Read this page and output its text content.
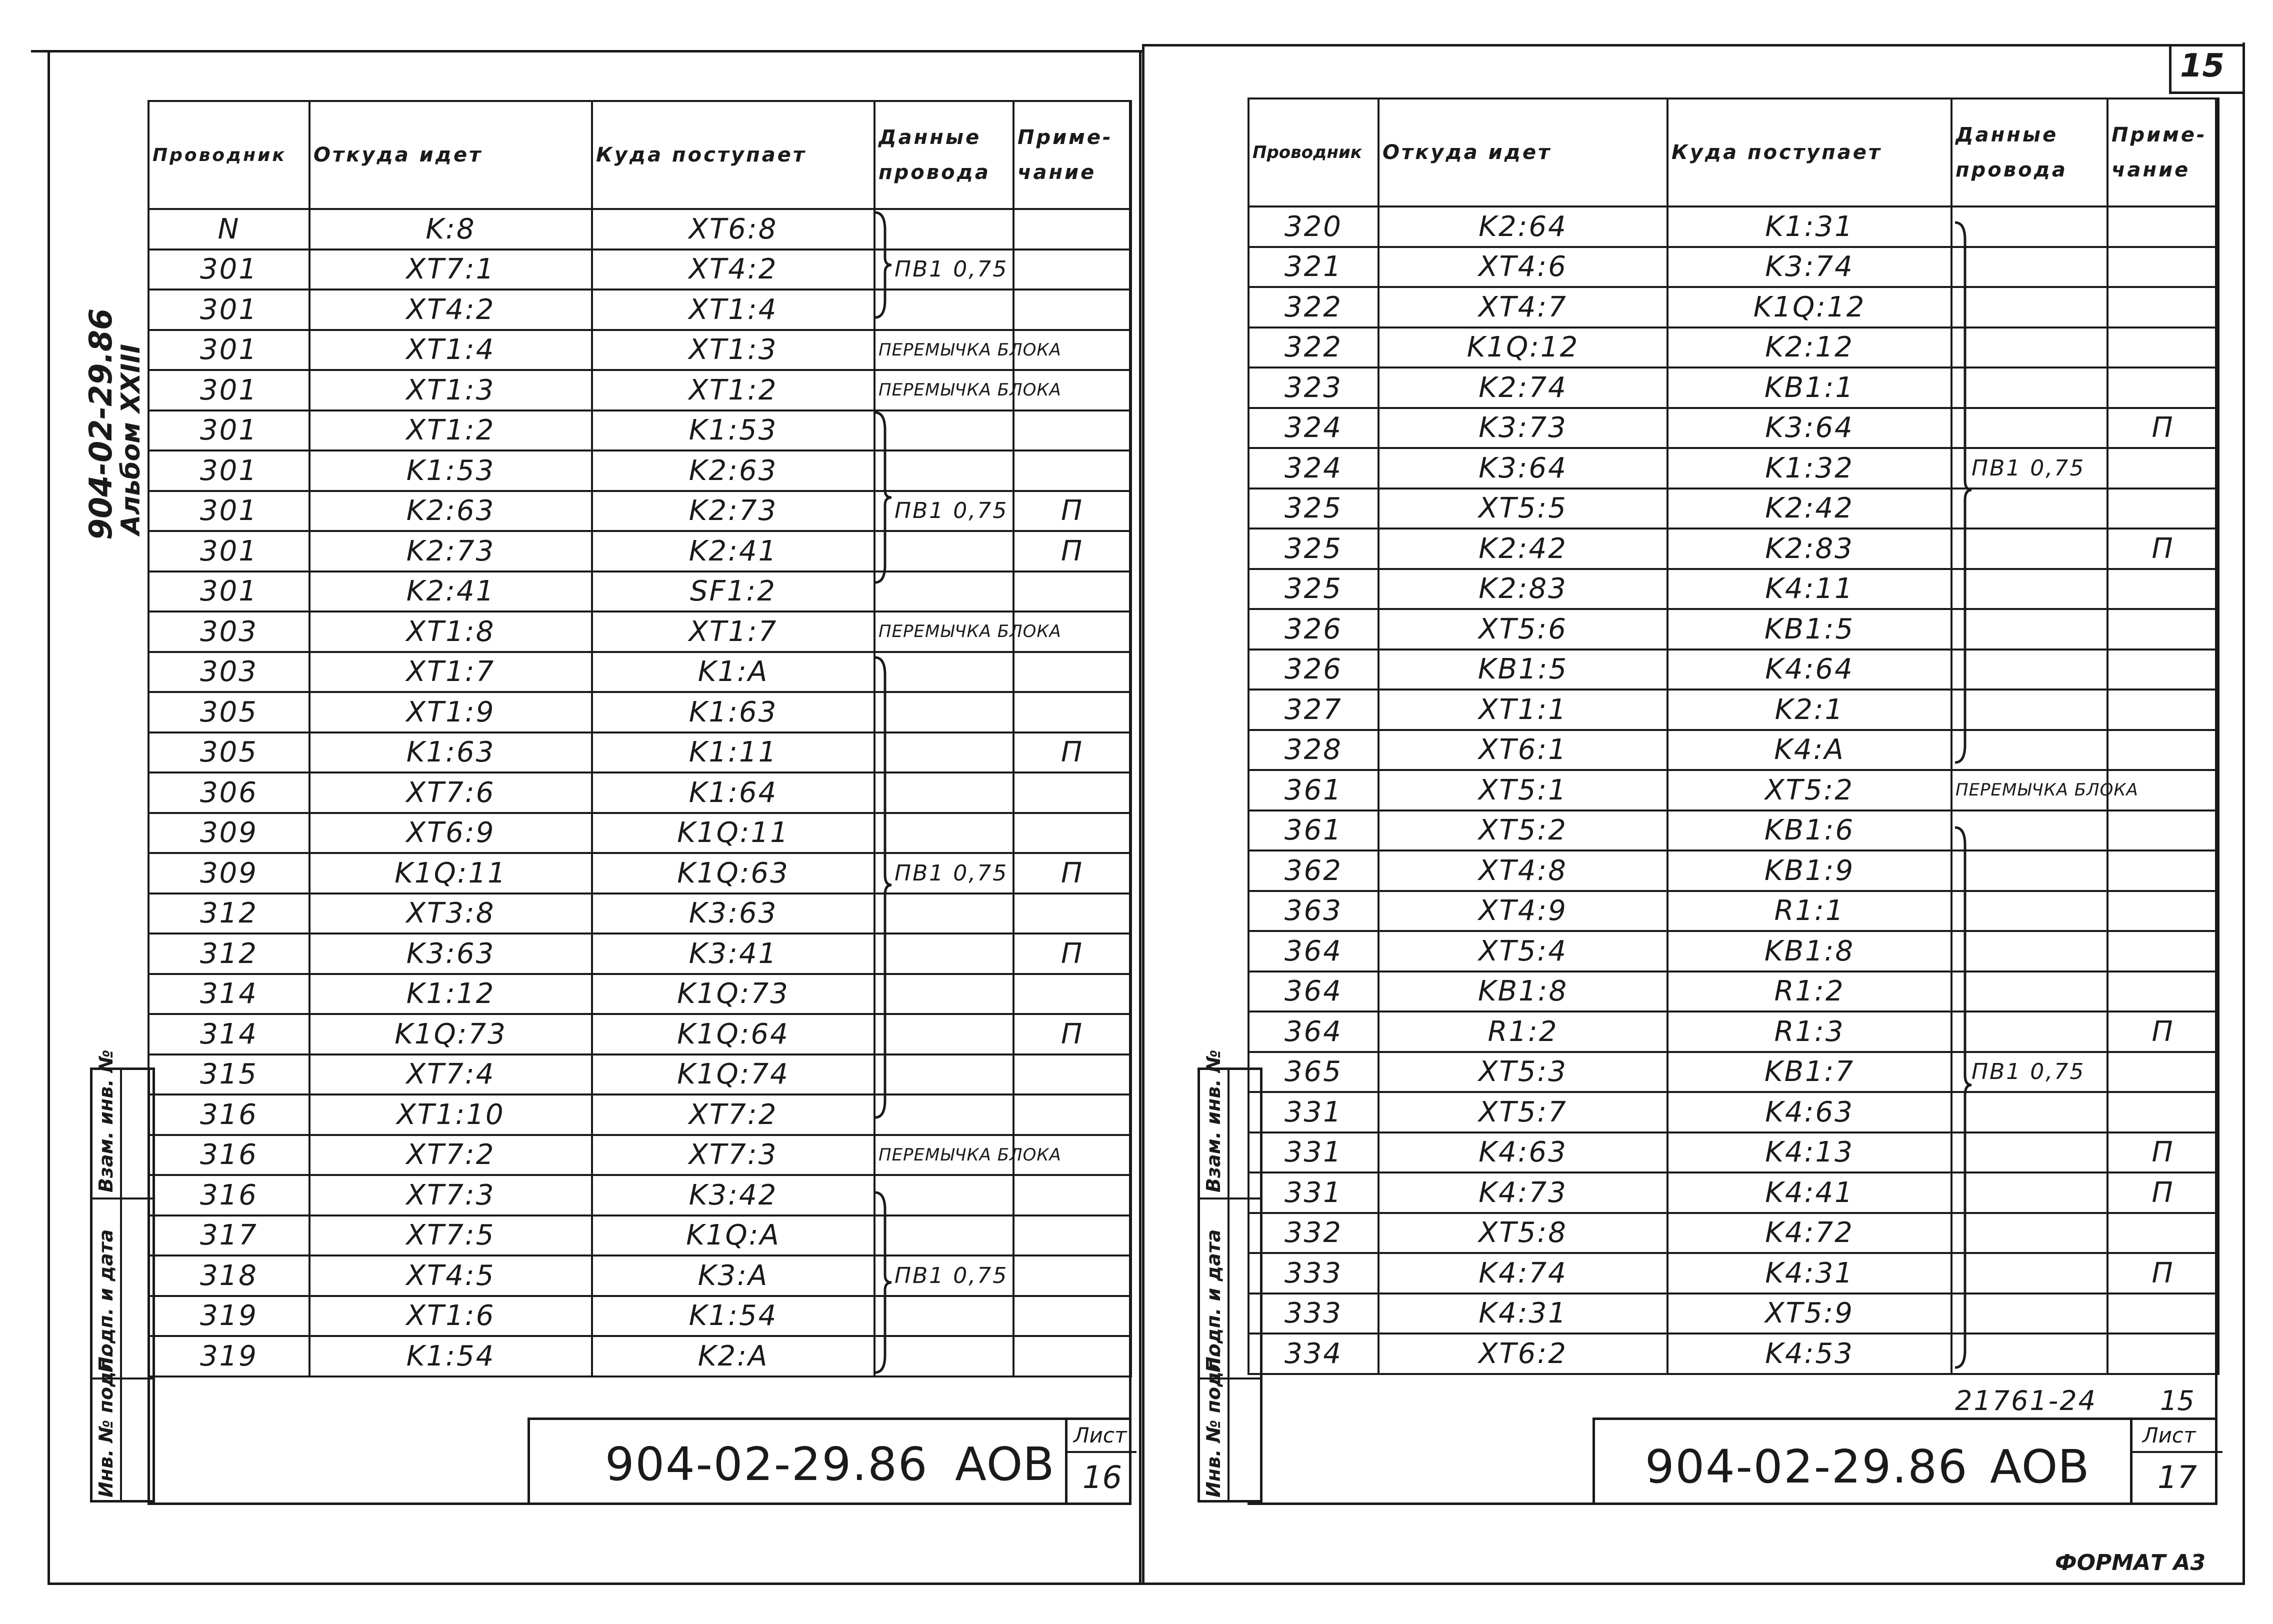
15
904-02-29.86
Альбом XXIII
Взам. инв. №
Подп. и дата
Инв. № подл.
Проводник	Откуда идет	Куда поступает	Данные провода	Приме-чание
N	K:8	XT6:8		
301	XT7:1	XT4:2	ПВ1 0,75	
301	XT4:2	XT1:4		
301	XT1:4	XT1:3	ПЕРЕМЫЧКА БЛОКА	
301	XT1:3	XT1:2	ПЕРЕМЫЧКА БЛОКА	
301	XT1:2	K1:53		
301	K1:53	K2:63		
301	K2:63	K2:73	ПВ1 0,75	П
301	K2:73	K2:41		П
301	K2:41	SF1:2		
303	XT1:8	XT1:7	ПЕРЕМЫЧКА БЛОКА	
303	XT1:7	K1:A		
305	XT1:9	K1:63		
305	K1:63	K1:11		П
306	XT7:6	K1:64		
309	XT6:9	K1Q:11		
309	K1Q:11	K1Q:63	ПВ1 0,75	П
312	XT3:8	K3:63		
312	K3:63	K3:41		П
314	K1:12	K1Q:73		
314	K1Q:73	K1Q:64		П
315	XT7:4	K1Q:74		
316	XT1:10	XT7:2		
316	XT7:2	XT7:3	ПЕРЕМЫЧКА БЛОКА	
316	XT7:3	K3:42		
317	XT7:5	K1Q:A		
318	XT4:5	K3:A	ПВ1 0,75	
319	XT1:6	K1:54		
319	K1:54	K2:A		
904-02-29.86 АОВ
Лист
16
Взам. инв. №
Подп. и дата
Инв. № подл.
Проводник	Откуда идет	Куда поступает	Данные провода	Приме-чание
320	K2:64	K1:31		
321	XT4:6	K3:74		
322	XT4:7	K1Q:12		
322	K1Q:12	K2:12		
323	K2:74	KB1:1		
324	K3:73	K3:64		П
324	K3:64	K1:32	ПВ1 0,75	
325	XT5:5	K2:42		
325	K2:42	K2:83		П
325	K2:83	K4:11		
326	XT5:6	KB1:5		
326	KB1:5	K4:64		
327	XT1:1	K2:1		
328	XT6:1	K4:A		
361	XT5:1	XT5:2	ПЕРЕМЫЧКА БЛОКА	
361	XT5:2	KB1:6		
362	XT4:8	KB1:9		
363	XT4:9	R1:1		
364	XT5:4	KB1:8		
364	KB1:8	R1:2		
364	R1:2	R1:3		П
365	XT5:3	KB1:7	ПВ1 0,75	
331	XT5:7	K4:63		
331	K4:63	K4:13		П
331	K4:73	K4:41		П
332	XT5:8	K4:72		
333	K4:74	K4:31		П
333	K4:31	XT5:9		
334	XT6:2	K4:53		
21761-24 15
904-02-29.86 АОВ
Лист
17
ФОРМАТ А3
